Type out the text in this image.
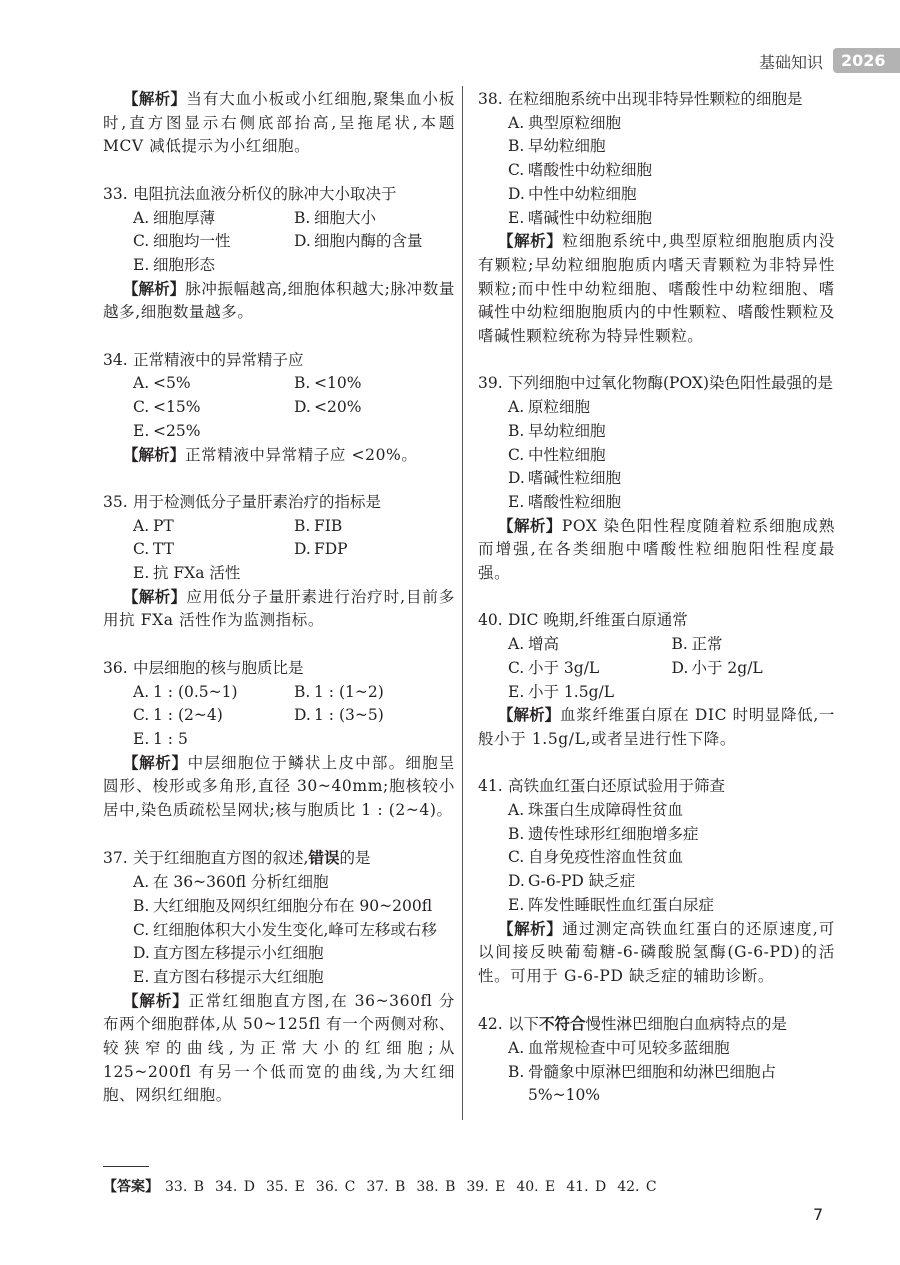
基础知识	2026
【解析】当有大血小板或小红细胞,聚集血小板时,直方图显示右侧底部抬高,呈拖尾状,本题 MCV 减低提示为小红细胞。
33. 电阻抗法血液分析仪的脉冲大小取决于
A. 细胞厚薄	B. 细胞大小
C. 细胞均一性	D. 细胞内酶的含量
E. 细胞形态
【解析】脉冲振幅越高,细胞体积越大;脉冲数量越多,细胞数量越多。
34. 正常精液中的异常精子应
A. <5%	B. <10%
C. <15%	D. <20%
E. <25%
【解析】正常精液中异常精子应 <20%。
35. 用于检测低分子量肝素治疗的指标是
A. PT	B. FIB
C. TT	D. FDP
E. 抗 FXa 活性
【解析】应用低分子量肝素进行治疗时,目前多用抗 FXa 活性作为监测指标。
36. 中层细胞的核与胞质比是
A. 1 : (0.5~1)	B. 1 : (1~2)
C. 1 : (2~4)	D. 1 : (3~5)
E. 1 : 5
【解析】中层细胞位于鳞状上皮中部。细胞呈圆形、梭形或多角形,直径 30~40mm;胞核较小居中,染色质疏松呈网状;核与胞质比 1 : (2~4)。
37. 关于红细胞直方图的叙述,错误的是
A. 在 36~360fl 分析红细胞
B. 大红细胞及网织红细胞分布在 90~200fl
C. 红细胞体积大小发生变化,峰可左移或右移
D. 直方图左移提示小红细胞
E. 直方图右移提示大红细胞
【解析】正常红细胞直方图,在 36~360fl 分布两个细胞群体,从 50~125fl 有一个两侧对称、较狭窄的曲线,为正常大小的红细胞;从 125~200fl 有另一个低而宽的曲线,为大红细胞、网织红细胞。
38. 在粒细胞系统中出现非特异性颗粒的细胞是
A. 典型原粒细胞
B. 早幼粒细胞
C. 嗜酸性中幼粒细胞
D. 中性中幼粒细胞
E. 嗜碱性中幼粒细胞
【解析】粒细胞系统中,典型原粒细胞胞质内没有颗粒;早幼粒细胞胞质内嗜天青颗粒为非特异性颗粒;而中性中幼粒细胞、嗜酸性中幼粒细胞、嗜碱性中幼粒细胞胞质内的中性颗粒、嗜酸性颗粒及嗜碱性颗粒统称为特异性颗粒。
39. 下列细胞中过氧化物酶(POX)染色阳性最强的是
A. 原粒细胞
B. 早幼粒细胞
C. 中性粒细胞
D. 嗜碱性粒细胞
E. 嗜酸性粒细胞
【解析】POX 染色阳性程度随着粒系细胞成熟而增强,在各类细胞中嗜酸性粒细胞阳性程度最强。
40. DIC 晚期,纤维蛋白原通常
A. 增高	B. 正常
C. 小于 3g/L	D. 小于 2g/L
E. 小于 1.5g/L
【解析】血浆纤维蛋白原在 DIC 时明显降低,一般小于 1.5g/L,或者呈进行性下降。
41. 高铁血红蛋白还原试验用于筛查
A. 珠蛋白生成障碍性贫血
B. 遗传性球形红细胞增多症
C. 自身免疫性溶血性贫血
D. G-6-PD 缺乏症
E. 阵发性睡眠性血红蛋白尿症
【解析】通过测定高铁血红蛋白的还原速度,可以间接反映葡萄糖-6-磷酸脱氢酶(G-6-PD)的活性。可用于 G-6-PD 缺乏症的辅助诊断。
42. 以下不符合慢性淋巴细胞白血病特点的是
A. 血常规检查中可见较多蓝细胞
B. 骨髓象中原淋巴细胞和幼淋巴细胞占 5%~10%
【答案】 33. B 34. D 35. E 36. C 37. B 38. B 39. E 40. E 41. D 42. C
7
